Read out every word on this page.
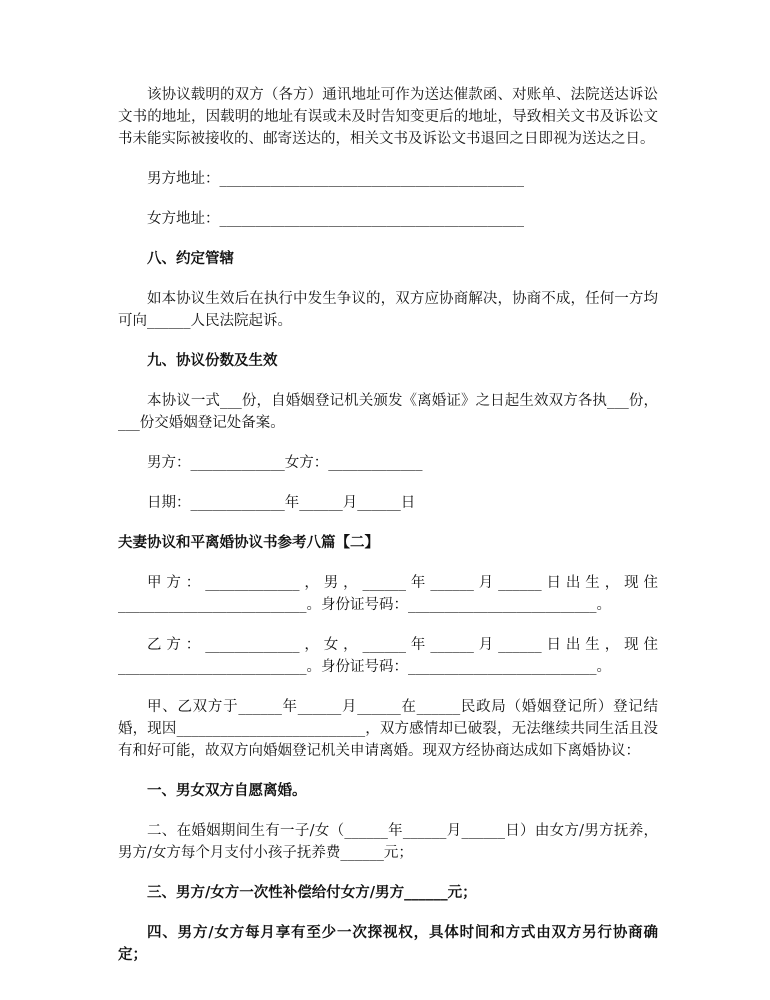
该协议载明的双方（各方）通讯地址可作为送达催款函、对账单、法院送达诉讼文书的地址，因载明的地址有误或未及时告知变更后的地址，导致相关文书及诉讼文书未能实际被接收的、邮寄送达的，相关文书及诉讼文书退回之日即视为送达之日。

男方地址：__________________________________________

女方地址：__________________________________________

八、约定管辖

如本协议生效后在执行中发生争议的，双方应协商解决，协商不成，任何一方均可向______人民法院起诉。

九、协议份数及生效

本协议一式___份，自婚姻登记机关颁发《离婚证》之日起生效双方各执___份，___份交婚姻登记处备案。

男方：_____________女方：_____________

日期：_____________年______月______日

夫妻协议和平离婚协议书参考八篇【二】

甲方：_____________，男，______年______月______日出生，现住__________________________。身份证号码：__________________________。

乙方：_____________，女，______年______月______日出生，现住__________________________。身份证号码：__________________________。

甲、乙双方于______年______月______在______民政局（婚姻登记所）登记结婚，现因__________________________，双方感情却已破裂，无法继续共同生活且没有和好可能，故双方向婚姻登记机关申请离婚。现双方经协商达成如下离婚协议：

一、男女双方自愿离婚。

二、在婚姻期间生有一子/女（______年______月______日）由女方/男方抚养，男方/女方每个月支付小孩子抚养费______元；

三、男方/女方一次性补偿给付女方/男方______元；

四、男方/女方每月享有至少一次探视权，具体时间和方式由双方另行协商确定；
